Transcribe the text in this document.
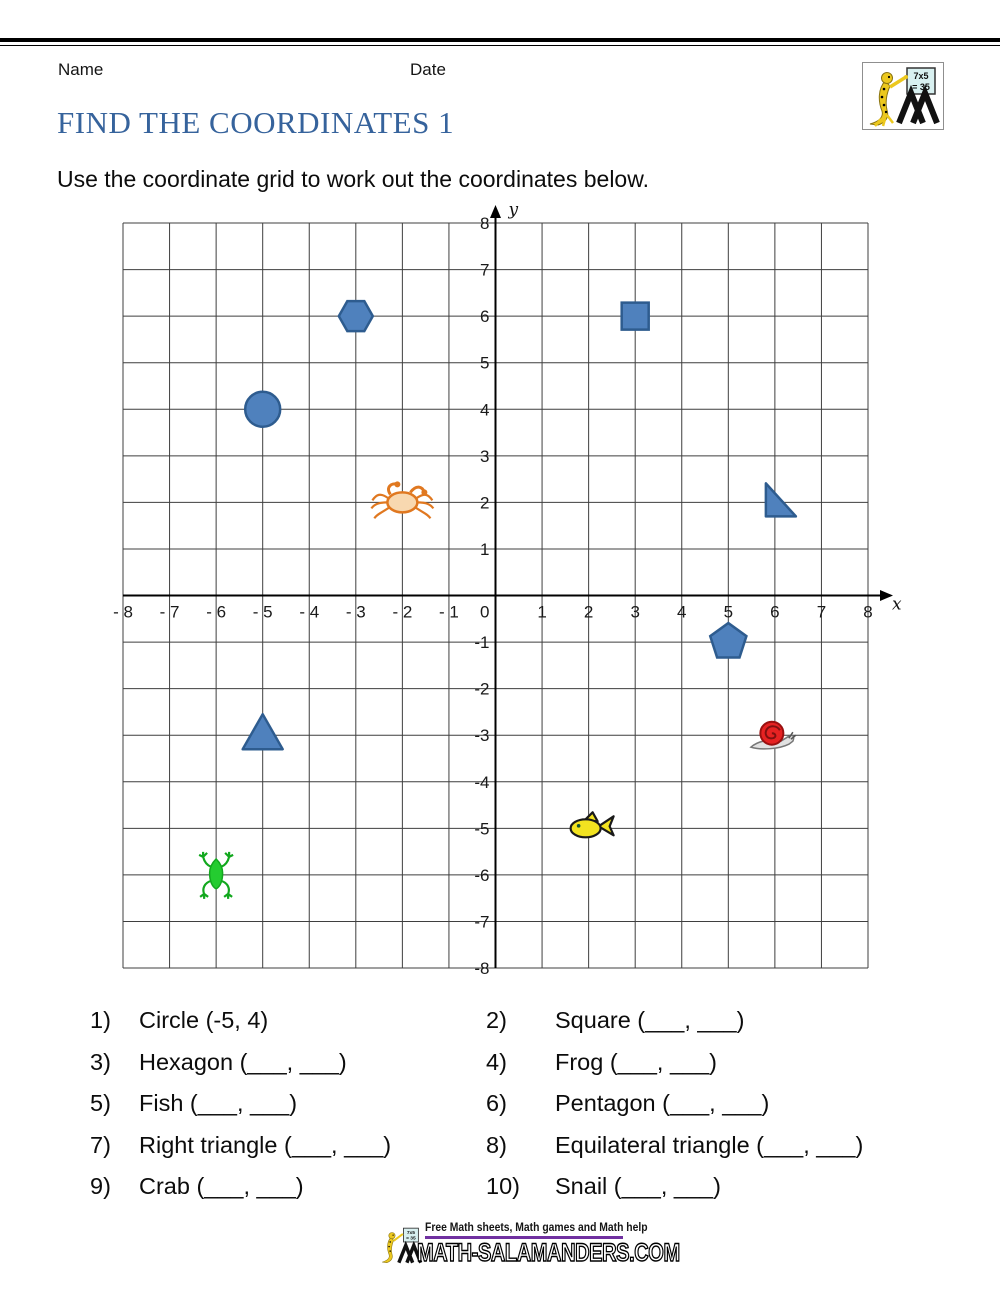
Name	Date	7x5
= 35
FIND THE COORDINATES 1
Use the coordinate grid to work out the coordinates below.
y
x
- 8 - 7 - 6 - 5 - 4 - 3 - 2 - 1 0	1 2 3 4 5 6 7 8
8
7
6
5
4
3
2
1
-1
-2
-3
-4
-5
-6
-7
-8
1)	Circle (-5, 4)	2)	Square (___, ___)
3)	Hexagon (___, ___)	4)	Frog (___, ___)
5)	Fish (___, ___)	6)	Pentagon (___, ___)
7)	Right triangle (___, ___)	8)	Equilateral triangle (___, ___)
9)	Crab (___, ___)	10)	Snail (___, ___)
7x5
= 35
Free Math sheets, Math games and Math help
MATH-SALAMANDERS.COM
